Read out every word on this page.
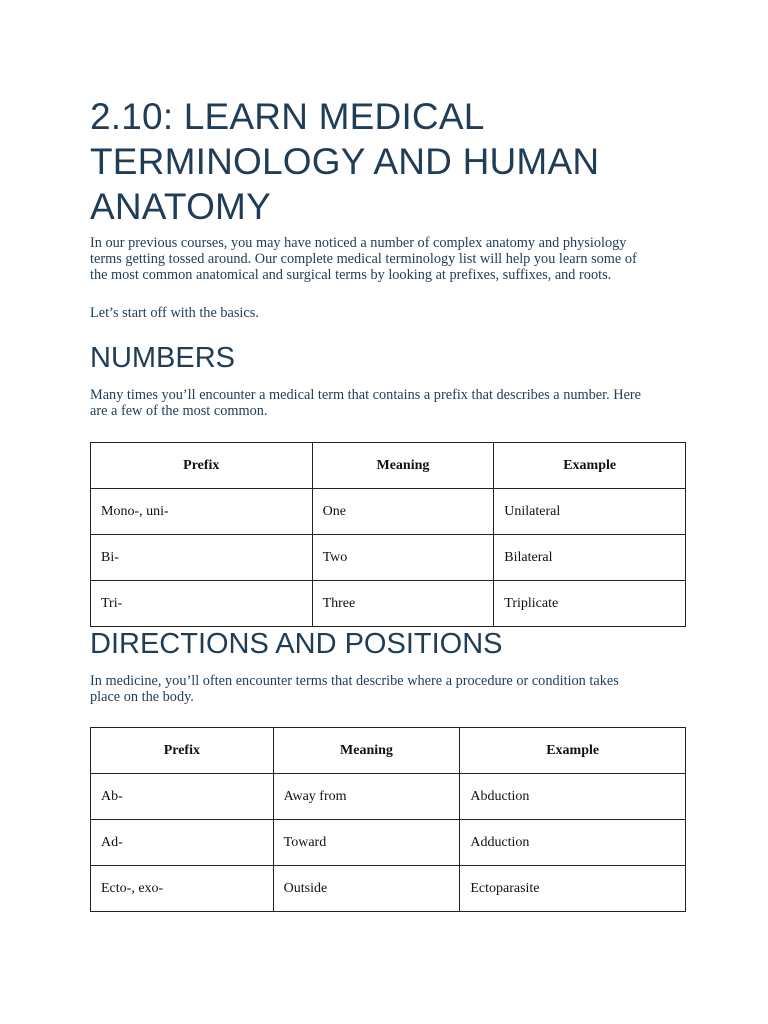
2.10: LEARN MEDICAL
TERMINOLOGY AND HUMAN
ANATOMY

In our previous courses, you may have noticed a number of complex anatomy and physiology
terms getting tossed around. Our complete medical terminology list will help you learn some of
the most common anatomical and surgical terms by looking at prefixes, suffixes, and roots.

Let’s start off with the basics.

NUMBERS

Many times you’ll encounter a medical term that contains a prefix that describes a number. Here
are a few of the most common.

Prefix	Meaning	Example
Mono-, uni-	One	Unilateral
Bi-	Two	Bilateral
Tri-	Three	Triplicate
DIRECTIONS AND POSITIONS

In medicine, you’ll often encounter terms that describe where a procedure or condition takes
place on the body.

Prefix	Meaning	Example
Ab-	Away from	Abduction
Ad-	Toward	Adduction
Ecto-, exo-	Outside	Ectoparasite
